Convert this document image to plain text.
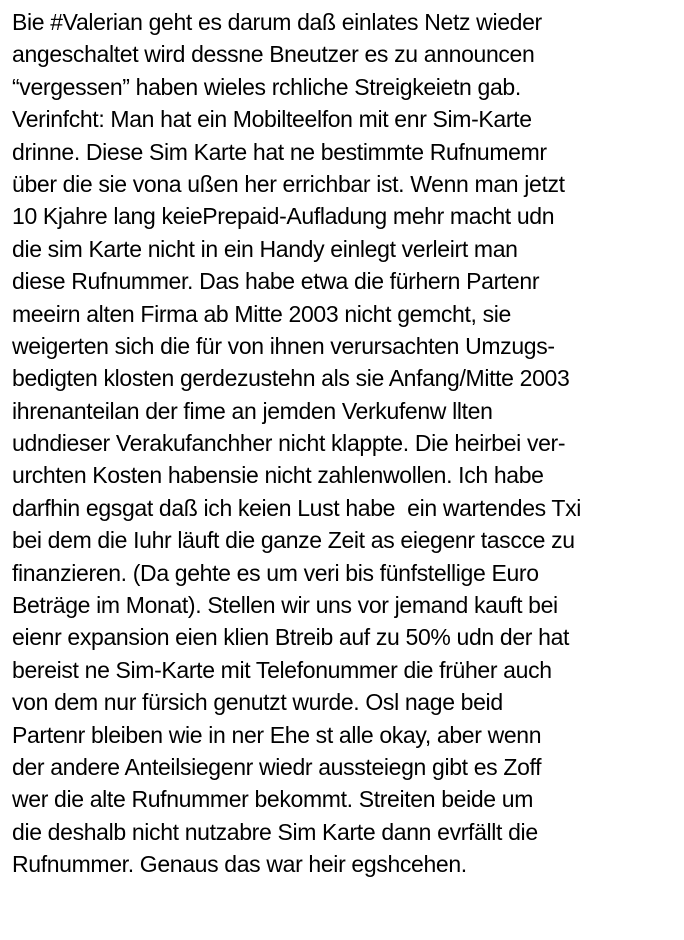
Bie #Valerian geht es darum daß einlates Netz wieder
angeschaltet wird dessne Bneutzer es zu announcen
“vergessen” haben wieles rchliche Streigkeietn gab.
Verinfcht: Man hat ein Mobilteelfon mit enr Sim-Karte
drinne. Diese Sim Karte hat ne bestimmte Rufnumemr
über die sie vona ußen her errichbar ist. Wenn man jetzt
10 Kjahre lang keiePrepaid-Aufladung mehr macht udn
die sim Karte nicht in ein Handy einlegt verleirt man
diese Rufnummer. Das habe etwa die fürhern Partenr
meeirn alten Firma ab Mitte 2003 nicht gemcht, sie
weigerten sich die für von ihnen verursachten Umzugs-
bedigten klosten gerdezustehn als sie Anfang/Mitte 2003
ihrenanteilan der fime an jemden Verkufenw llten
udndieser Verakufanchher nicht klappte. Die heirbei ver-
urchten Kosten habensie nicht zahlenwollen. Ich habe
darfhin egsgat daß ich keien Lust habe  ein wartendes Txi
bei dem die Iuhr läuft die ganze Zeit as eiegenr tascce zu
finanzieren. (Da gehte es um veri bis fünfstellige Euro
Beträge im Monat). Stellen wir uns vor jemand kauft bei
eienr expansion eien klien Btreib auf zu 50% udn der hat
bereist ne Sim-Karte mit Telefonummer die früher auch
von dem nur fürsich genutzt wurde. Osl nage beid
Partenr bleiben wie in ner Ehe st alle okay, aber wenn
der andere Anteilsiegenr wiedr aussteiegn gibt es Zoff
wer die alte Rufnummer bekommt. Streiten beide um
die deshalb nicht nutzabre Sim Karte dann evrfällt die
Rufnummer. Genaus das war heir egshcehen.
